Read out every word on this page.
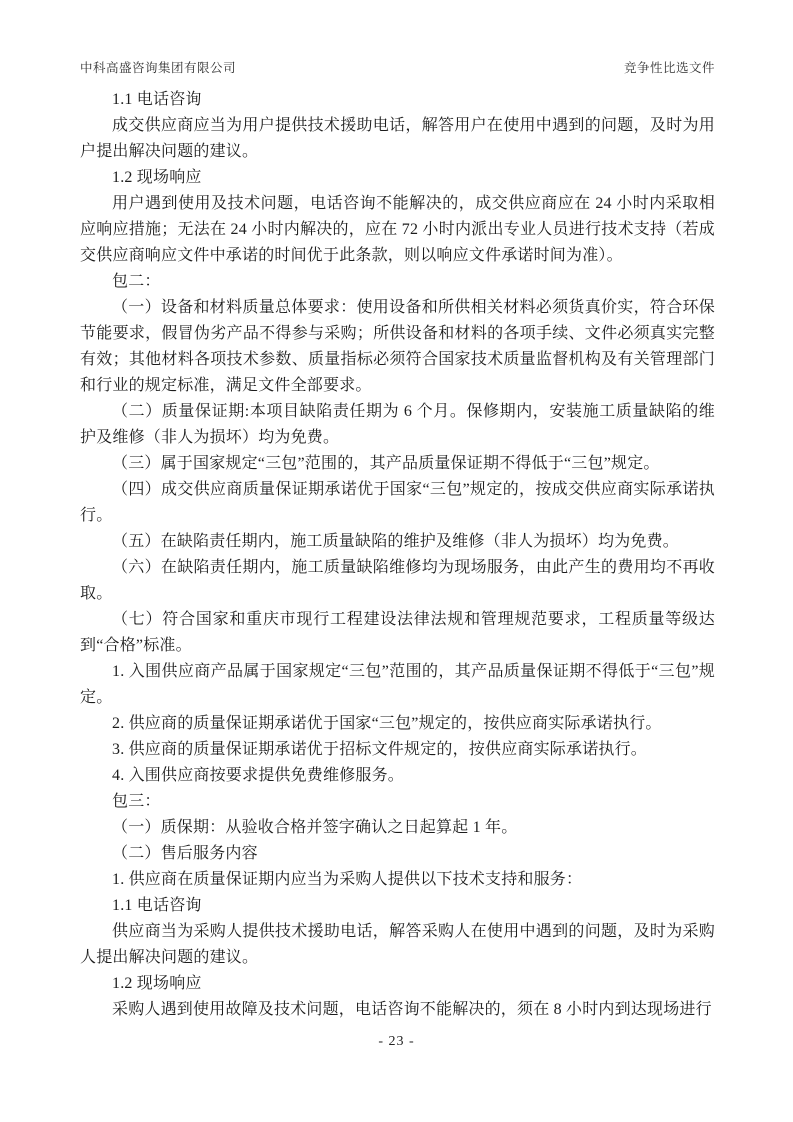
中科高盛咨询集团有限公司	竞争性比选文件

1.1 电话咨询

成交供应商应当为用户提供技术援助电话，解答用户在使用中遇到的问题，及时为用户提出解决问题的建议。

1.2 现场响应

用户遇到使用及技术问题，电话咨询不能解决的，成交供应商应在 24 小时内采取相应响应措施；无法在 24 小时内解决的，应在 72 小时内派出专业人员进行技术支持（若成交供应商响应文件中承诺的时间优于此条款，则以响应文件承诺时间为准）。

包二：

（一）设备和材料质量总体要求：使用设备和所供相关材料必须货真价实，符合环保节能要求，假冒伪劣产品不得参与采购；所供设备和材料的各项手续、文件必须真实完整有效；其他材料各项技术参数、质量指标必须符合国家技术质量监督机构及有关管理部门和行业的规定标准，满足文件全部要求。

（二）质量保证期:本项目缺陷责任期为 6 个月。保修期内，安装施工质量缺陷的维护及维修（非人为损坏）均为免费。

（三）属于国家规定“三包”范围的，其产品质量保证期不得低于“三包”规定。

（四）成交供应商质量保证期承诺优于国家“三包”规定的，按成交供应商实际承诺执行。

（五）在缺陷责任期内，施工质量缺陷的维护及维修（非人为损坏）均为免费。

（六）在缺陷责任期内，施工质量缺陷维修均为现场服务，由此产生的费用均不再收取。

（七）符合国家和重庆市现行工程建设法律法规和管理规范要求，工程质量等级达到“合格”标准。

1. 入围供应商产品属于国家规定“三包”范围的，其产品质量保证期不得低于“三包”规定。

2. 供应商的质量保证期承诺优于国家“三包”规定的，按供应商实际承诺执行。

3. 供应商的质量保证期承诺优于招标文件规定的，按供应商实际承诺执行。

4. 入围供应商按要求提供免费维修服务。

包三：

（一）质保期：从验收合格并签字确认之日起算起 1 年。

（二）售后服务内容

1. 供应商在质量保证期内应当为采购人提供以下技术支持和服务：

1.1 电话咨询

供应商当为采购人提供技术援助电话，解答采购人在使用中遇到的问题，及时为采购人提出解决问题的建议。

1.2 现场响应

采购人遇到使用故障及技术问题，电话咨询不能解决的，须在 8 小时内到达现场进行

- 23 -
